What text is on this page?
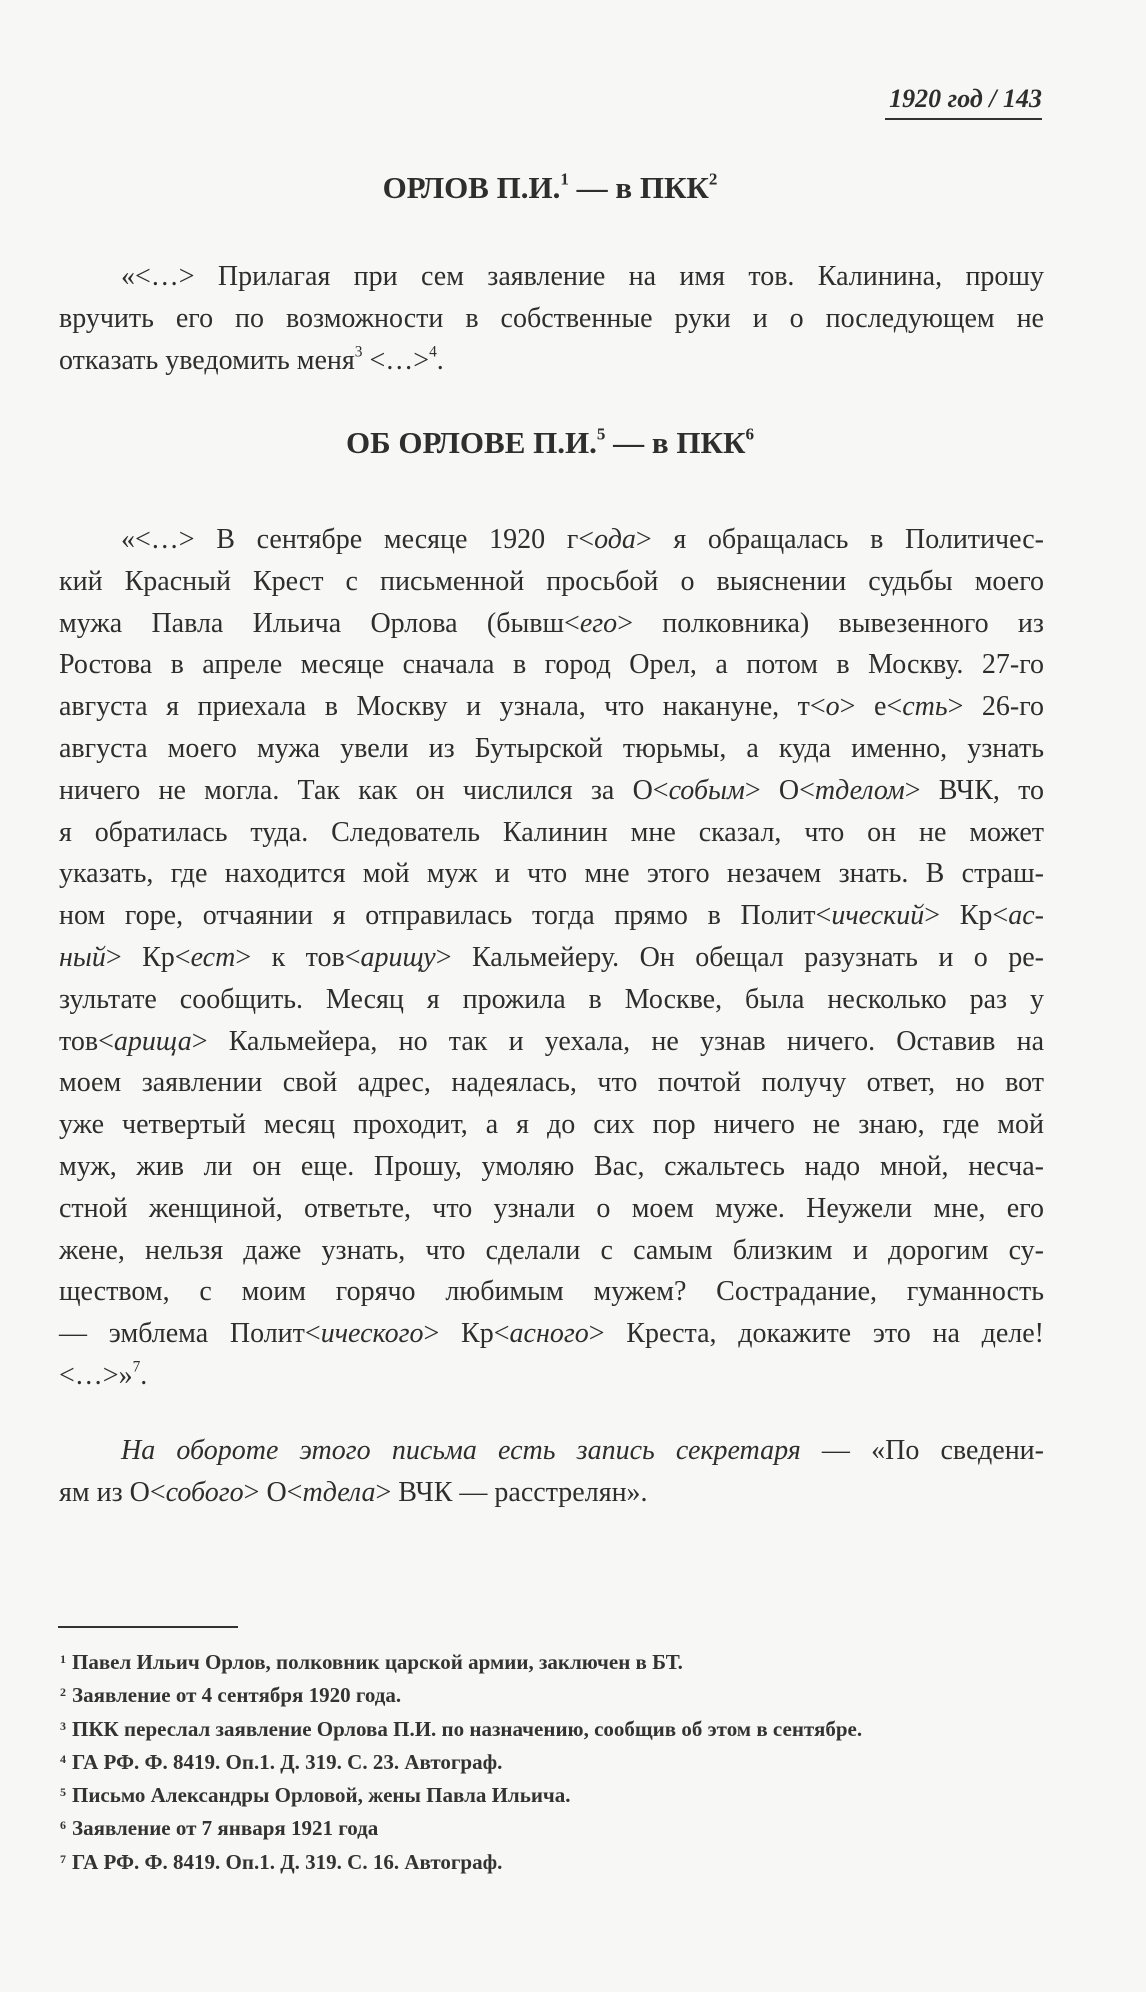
1920 год / 143
ОРЛОВ П.И.$^1$ — в ПКК$^2$
«<…> Прилагая при сем заявление на имя тов. Калинина, прошу
вручить его по возможности в собственные руки и о последующем не
отказать уведомить меня$^3$ <…>$^4$.
ОБ ОРЛОВЕ П.И.$^5$ — в ПКК$^6$
«<…> В сентябре месяце 1920 г<ода> я обращалась в Политичес-
кий Красный Крест с письменной просьбой о выяснении судьбы моего
мужа Павла Ильича Орлова (бывш<его> полковника) вывезенного из
Ростова в апреле месяце сначала в город Орел, а потом в Москву. 27-го
августа я приехала в Москву и узнала, что накануне, т<о> е<сть> 26-го
августа моего мужа увели из Бутырской тюрьмы, а куда именно, узнать
ничего не могла. Так как он числился за О<собым> О<тделом> ВЧК, то
я обратилась туда. Следователь Калинин мне сказал, что он не может
указать, где находится мой муж и что мне этого незачем знать. В страш-
ном горе, отчаянии я отправилась тогда прямо в Полит<ический> Кр<ас-
ный> Кр<ест> к тов<арищу> Кальмейеру. Он обещал разузнать и о ре-
зультате сообщить. Месяц я прожила в Москве, была несколько раз у
тов<арища> Кальмейера, но так и уехала, не узнав ничего. Оставив на
моем заявлении свой адрес, надеялась, что почтой получу ответ, но вот
уже четвертый месяц проходит, а я до сих пор ничего не знаю, где мой
муж, жив ли он еще. Прошу, умоляю Вас, сжальтесь надо мной, несча-
стной женщиной, ответьте, что узнали о моем муже. Неужели мне, его
жене, нельзя даже узнать, что сделали с самым близким и дорогим су-
ществом, с моим горячо любимым мужем? Сострадание, гуманность
— эмблема Полит<ического> Кр<асного> Креста, докажите это на деле!
<…>»$^7$.
На обороте этого письма есть запись секретаря — «По сведени-
ям из О<собого> О<тдела> ВЧК — расстрелян».
$^1$ Павел Ильич Орлов, полковник царской армии, заключен в БТ.
$^2$ Заявление от 4 сентября 1920 года.
$^3$ ПКК переслал заявление Орлова П.И. по назначению, сообщив об этом в сентябре.
$^4$ ГА РФ. Ф. 8419. Оп.1. Д. 319. С. 23. Автограф.
$^5$ Письмо Александры Орловой, жены Павла Ильича.
$^6$ Заявление от 7 января 1921 года
$^7$ ГА РФ. Ф. 8419. Оп.1. Д. 319. С. 16. Автограф.
